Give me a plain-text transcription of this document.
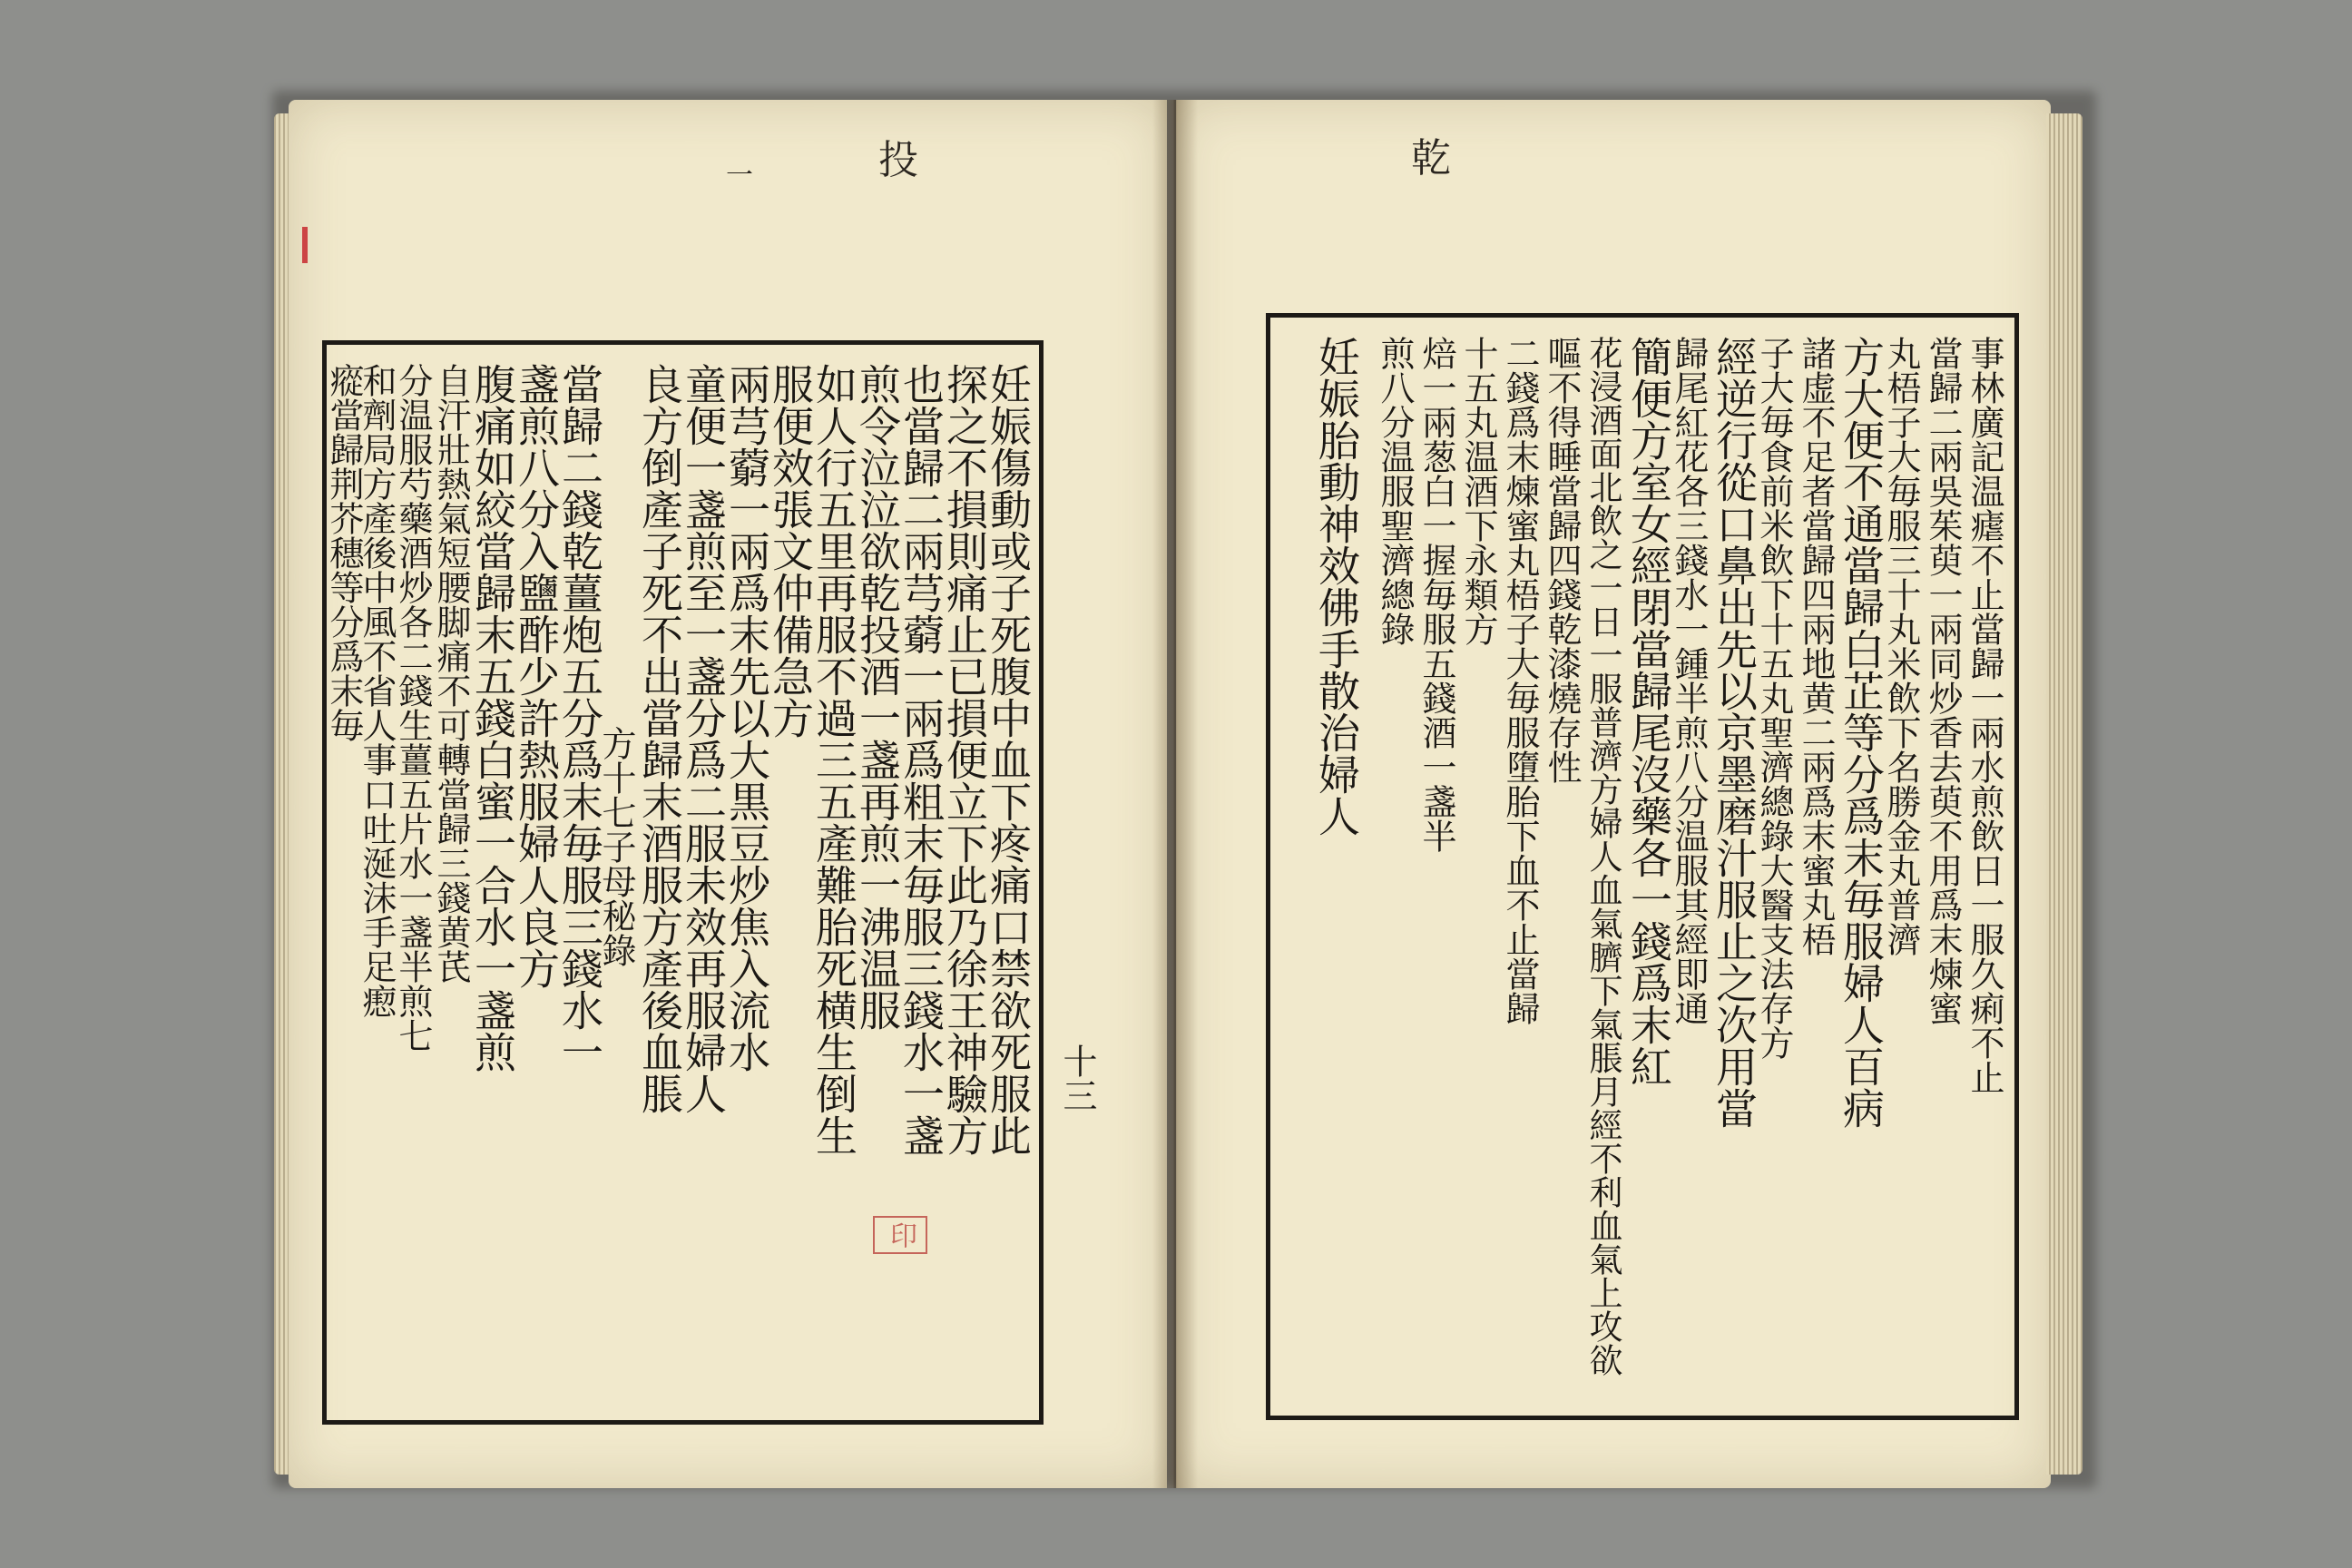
投
一	乾
妊娠傷動或子死腹中血下疼痛口禁欲死服此
探之不損則痛止已損便立下此乃徐王神驗方
也當歸二兩芎藭一兩爲粗末毎服三錢水一盞
煎令泣泣欲乾投酒一盞再煎一沸温服
如人行五里再服不過三五產難胎死横生倒生
服便效張文仲備急方
兩芎藭一兩爲末先以大黒豆炒焦入流水
童便一盞煎至一盞分爲二服未效再服婦人
良方倒產子死不出當歸末酒服方產後血脹
方十七子母秘錄
當歸二錢乾薑炮五分爲末毎服三錢水一
盞煎八分入鹽酢少許熱服婦人良方
腹痛如絞當歸末五錢白蜜一合水一盞煎
自汗壯熱氣短腰脚痛不可轉當歸三錢黄芪
分温服芍藥酒炒各二錢生薑五片水一盞半煎七
和劑局方產後中風不省人事口吐涎沫手足瘛
瘲當歸荆芥穗等分爲末毎
十三
印
事林廣記温瘧不止當歸一兩水煎飲日一服久痢不止
當歸二兩吳茱萸一兩同炒香去萸不用爲末煉蜜
丸梧子大毎服三十丸米飲下名勝金丸普濟
方大便不通當歸白芷等分爲末毎服婦人百病
諸虚不足者當歸四兩地黄二兩爲末蜜丸梧
子大毎食前米飲下十五丸聖濟總錄大醫支法存方
經逆行從口鼻出先以京墨磨汁服止之次用當
歸尾紅花各三錢水一鍾半煎八分温服其經即通
簡便方室女經閉當歸尾沒藥各一錢爲末紅
花浸酒面北飲之一日一服普濟方婦人血氣臍下氣脹月經不利血氣上攻欲
嘔不得睡當歸四錢乾漆燒存性
二錢爲末煉蜜丸梧子大毎服墮胎下血不止當歸
十五丸温酒下永類方
焙一兩葱白一握毎服五錢酒一盞半
煎八分温服聖濟總錄
妊娠胎動神效佛手散治婦人
